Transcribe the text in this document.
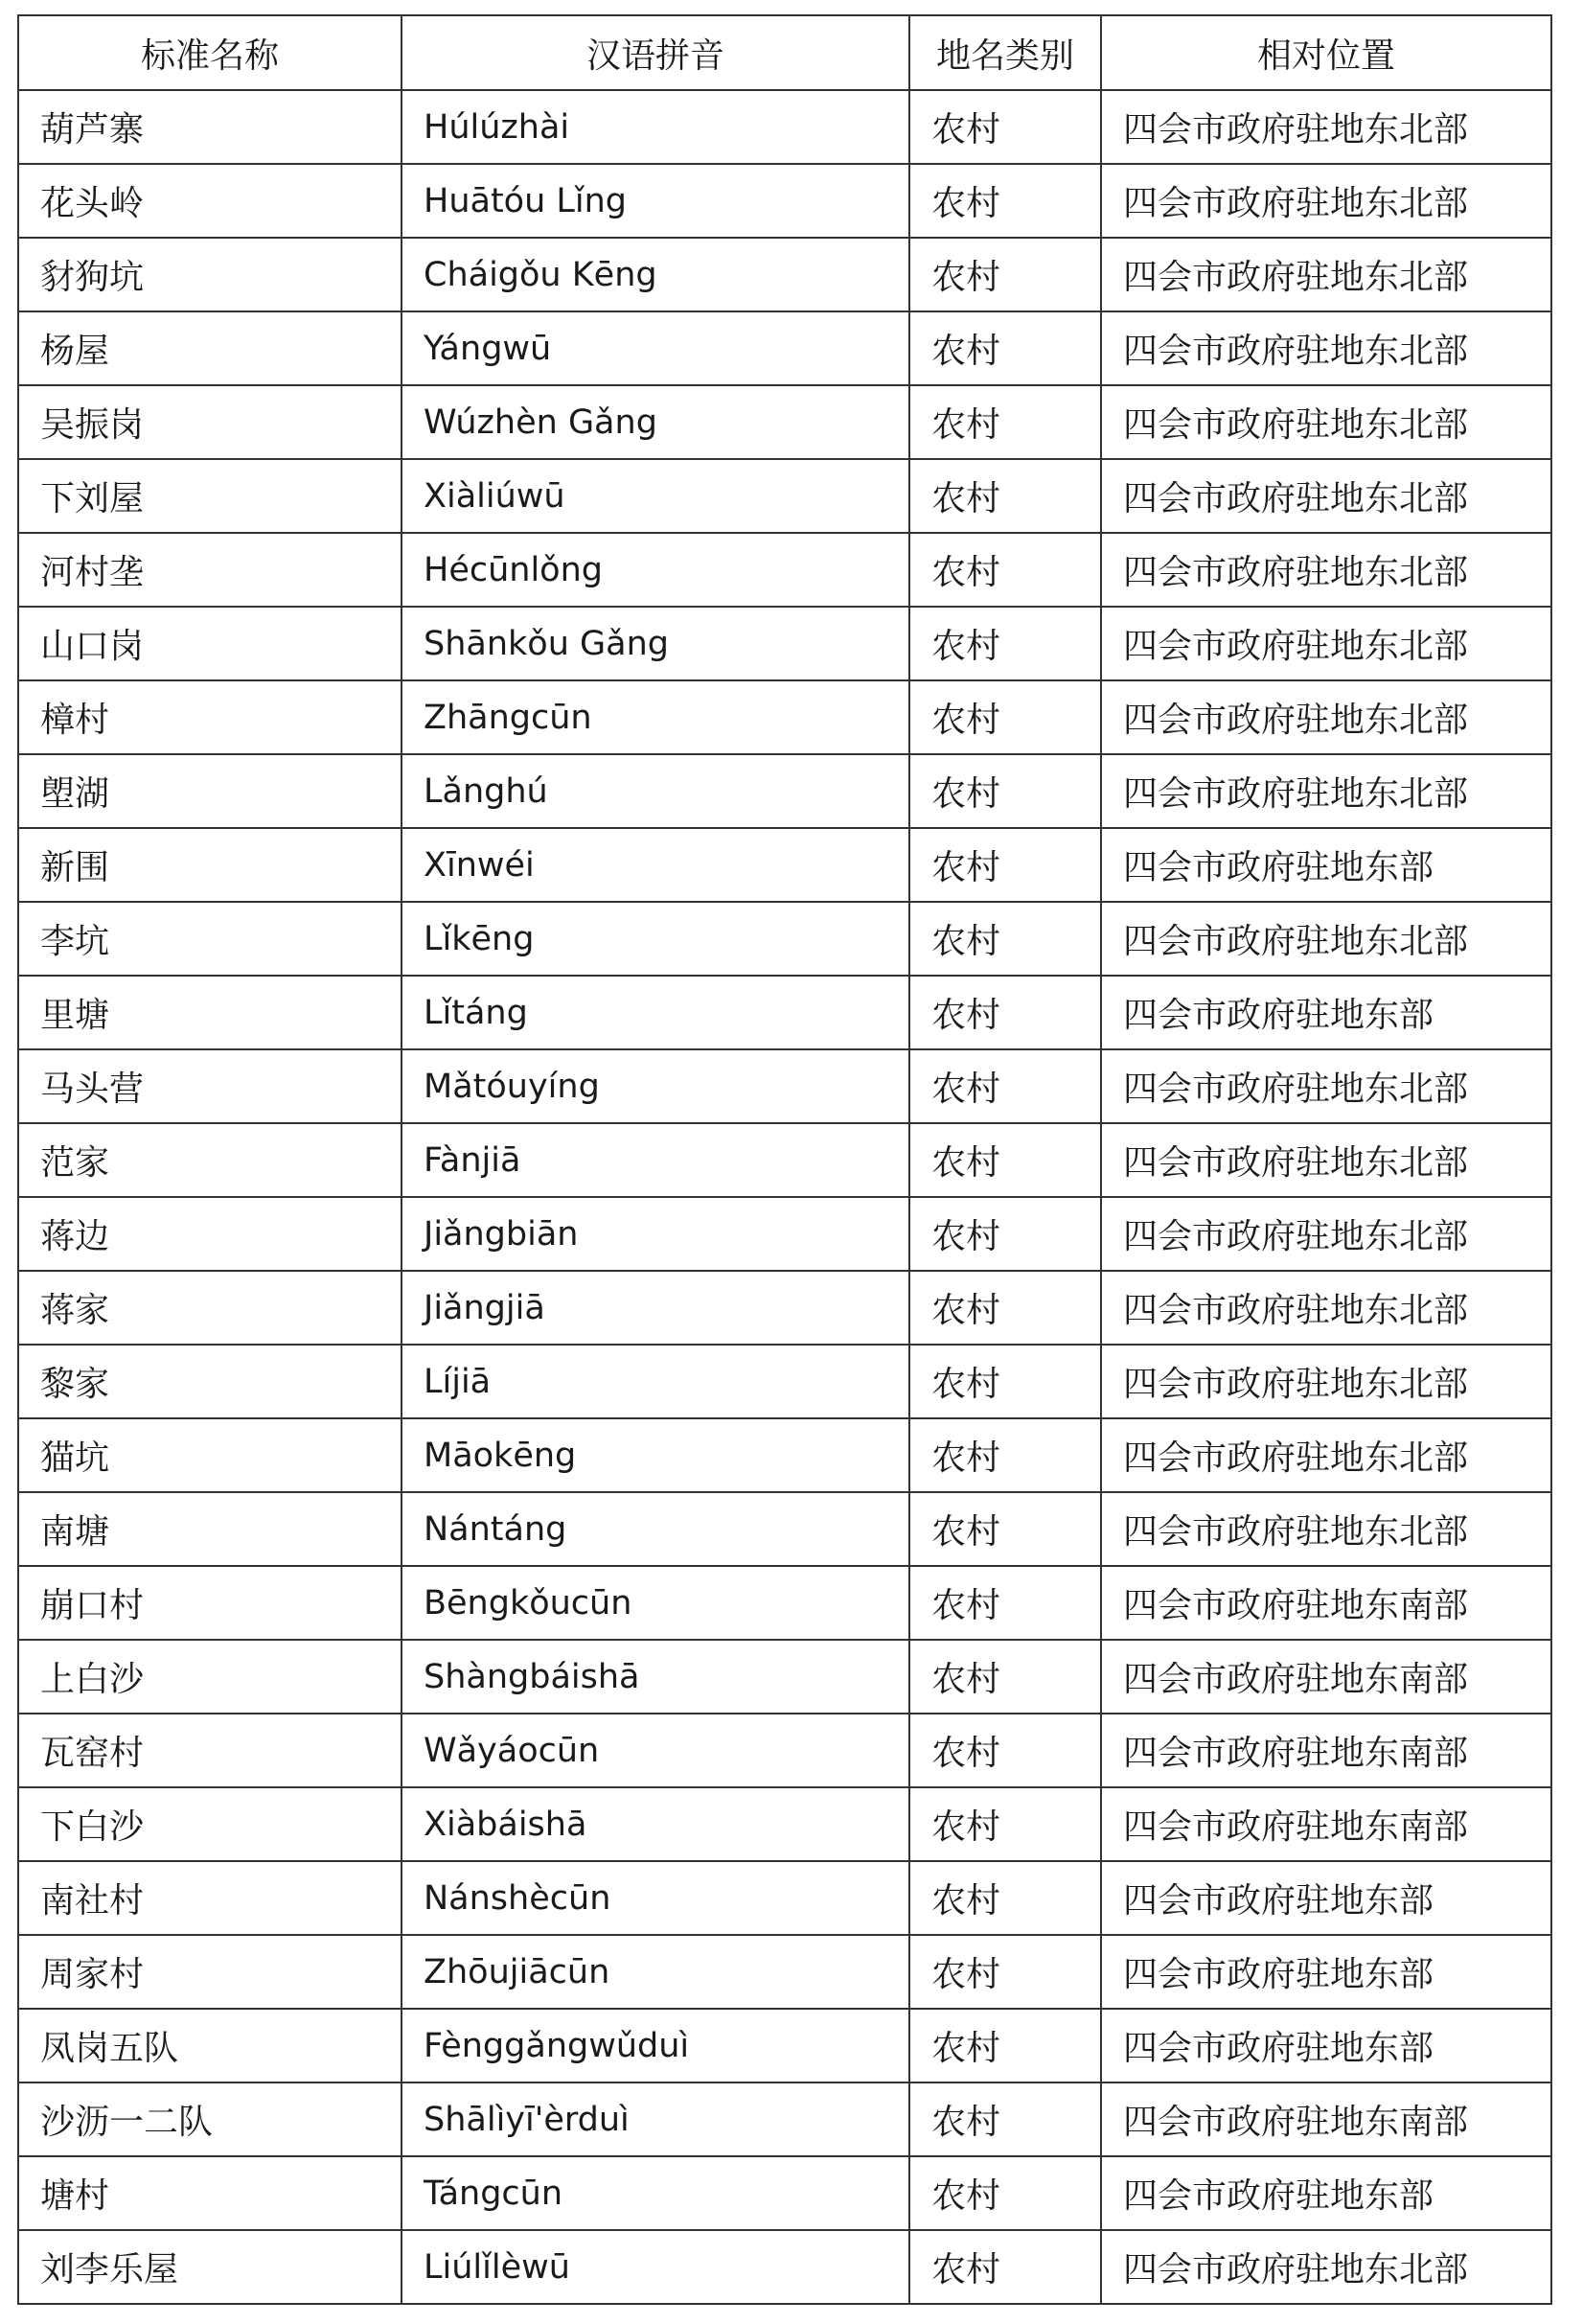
标准名称	汉语拼音	地名类别	相对位置
葫芦寨	Húlúzhài	农村	四会市政府驻地东北部
花头岭	Huātóu Lǐng	农村	四会市政府驻地东北部
豺狗坑	Cháigǒu Kēng	农村	四会市政府驻地东北部
杨屋	Yángwū	农村	四会市政府驻地东北部
吴振岗	Wúzhèn Gǎng	农村	四会市政府驻地东北部
下刘屋	Xiàliúwū	农村	四会市政府驻地东北部
河村垄	Hécūnlǒng	农村	四会市政府驻地东北部
山口岗	Shānkǒu Gǎng	农村	四会市政府驻地东北部
樟村	Zhāngcūn	农村	四会市政府驻地东北部
塱湖	Lǎnghú	农村	四会市政府驻地东北部
新围	Xīnwéi	农村	四会市政府驻地东部
李坑	Lǐkēng	农村	四会市政府驻地东北部
里塘	Lǐtáng	农村	四会市政府驻地东部
马头营	Mǎtóuyíng	农村	四会市政府驻地东北部
范家	Fànjiā	农村	四会市政府驻地东北部
蒋边	Jiǎngbiān	农村	四会市政府驻地东北部
蒋家	Jiǎngjiā	农村	四会市政府驻地东北部
黎家	Líjiā	农村	四会市政府驻地东北部
猫坑	Māokēng	农村	四会市政府驻地东北部
南塘	Nántáng	农村	四会市政府驻地东北部
崩口村	Bēngkǒucūn	农村	四会市政府驻地东南部
上白沙	Shàngbáishā	农村	四会市政府驻地东南部
瓦窑村	Wǎyáocūn	农村	四会市政府驻地东南部
下白沙	Xiàbáishā	农村	四会市政府驻地东南部
南社村	Nánshècūn	农村	四会市政府驻地东部
周家村	Zhōujiācūn	农村	四会市政府驻地东部
凤岗五队	Fènggǎngwǔduì	农村	四会市政府驻地东部
沙沥一二队	Shālìyī'èrduì	农村	四会市政府驻地东南部
塘村	Tángcūn	农村	四会市政府驻地东部
刘李乐屋	Liúlǐlèwū	农村	四会市政府驻地东北部
